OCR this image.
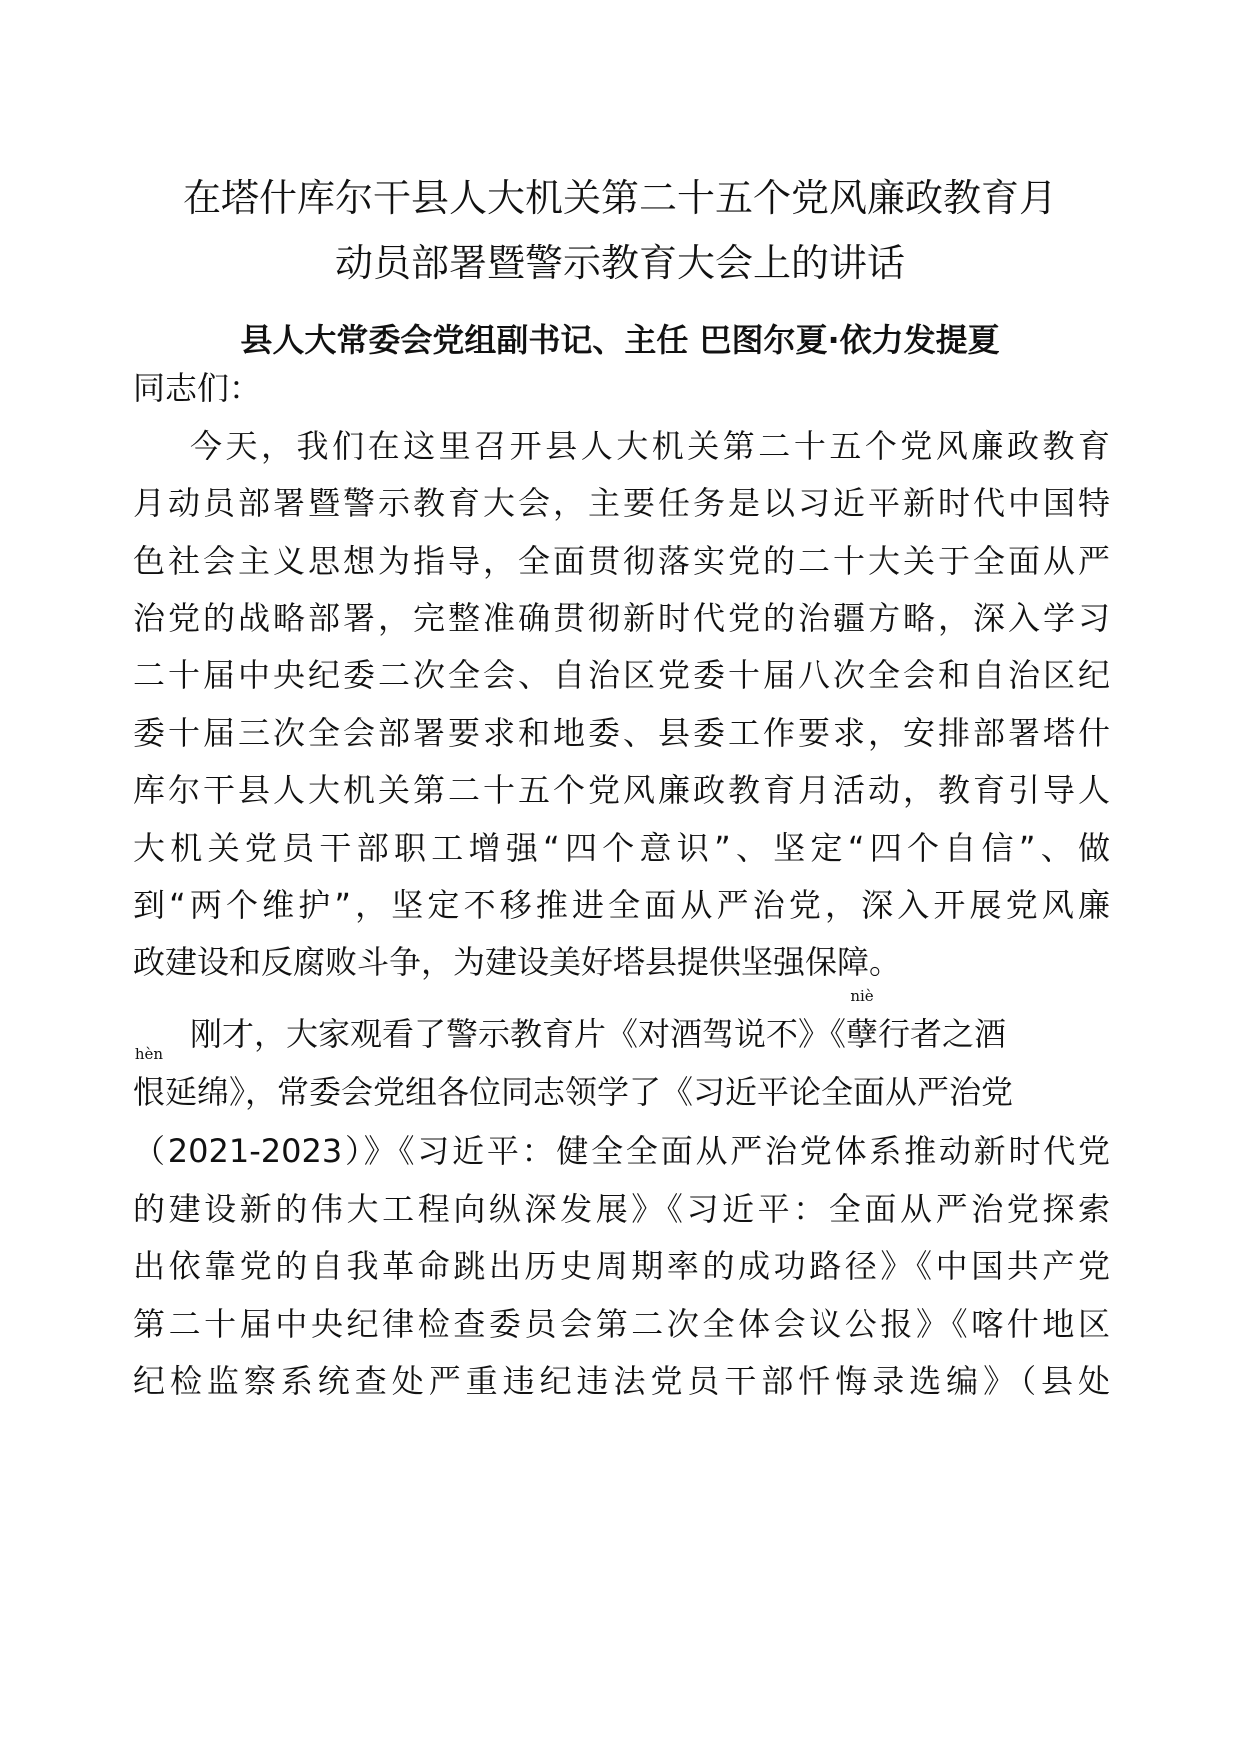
在塔什库尔干县人大机关第二十五个党风廉政教育月
动员部署暨警示教育大会上的讲话
县人大常委会党组副书记、主任 巴图尔夏·依力发提夏
同志们：
今天，我们在这里召开县人大机关第二十五个党风廉政教育
月动员部署暨警示教育大会，主要任务是以习近平新时代中国特
色社会主义思想为指导，全面贯彻落实党的二十大关于全面从严
治党的战略部署，完整准确贯彻新时代党的治疆方略，深入学习
二十届中央纪委二次全会、自治区党委十届八次全会和自治区纪
委十届三次全会部署要求和地委、县委工作要求，安排部署塔什
库尔干县人大机关第二十五个党风廉政教育月活动，教育引导人
大机关党员干部职工增强“四个意识”、坚定“四个自信”、做
到“两个维护”，坚定不移推进全面从严治党，深入开展党风廉
政建设和反腐败斗争，为建设美好塔县提供坚强保障。
刚才，大家观看了警示教育片《对酒驾说不》《孽
niè
行者之酒
恨
hèn
延绵》，常委会党组各位同志领学了《习近平论全面从严治党
（2021-2023）》《习近平：健全全面从严治党体系推动新时代党
的建设新的伟大工程向纵深发展》《习近平：全面从严治党探索
出依靠党的自我革命跳出历史周期率的成功路径》《中国共产党
第二十届中央纪律检查委员会第二次全体会议公报》《喀什地区
纪检监察系统查处严重违纪违法党员干部忏悔录选编》（县处
